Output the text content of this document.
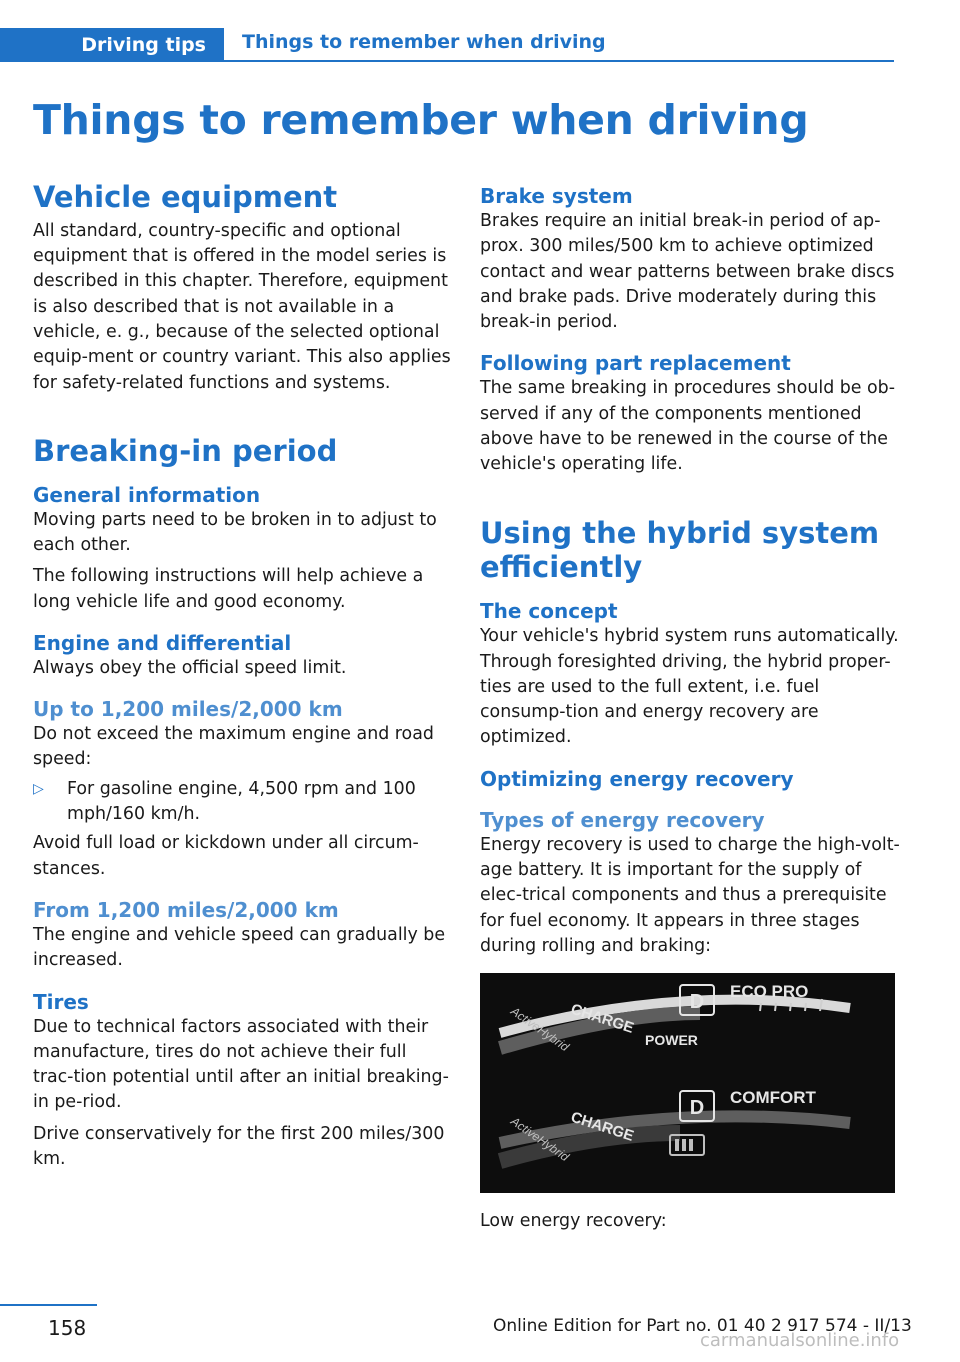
Driving tips Things to remember when driving
Things to remember when driving
Vehicle equipment

All standard, country-specific and optional equipment that is offered in the model series is described in this chapter. Therefore, equipment is also described that is not available in a vehicle, e. g., because of the selected optional equip-ment or country variant. This also applies for safety-related functions and systems.

Breaking-in period
General information

Moving parts need to be broken in to adjust to each other.

The following instructions will help achieve a long vehicle life and good economy.

Engine and differential

Always obey the official speed limit.

Up to 1,200 miles/2,000 km

Do not exceed the maximum engine and road speed:

▷	For gasoline engine, 4,500 rpm and 100 mph/160 km/h.

Avoid full load or kickdown under all circum-stances.

From 1,200 miles/2,000 km

The engine and vehicle speed can gradually be increased.

Tires

Due to technical factors associated with their manufacture, tires do not achieve their full trac-tion potential until after an initial breaking-in pe-riod.

Drive conservatively for the first 200 miles/300 km.

Brake system

Brakes require an initial break-in period of ap-prox. 300 miles/500 km to achieve optimized contact and wear patterns between brake discs and brake pads. Drive moderately during this break-in period.

Following part replacement

The same breaking in procedures should be ob-served if any of the components mentioned above have to be renewed in the course of the vehicle's operating life.

Using the hybrid system efficiently
The concept

Your vehicle's hybrid system runs automatically. Through foresighted driving, the hybrid proper-ties are used to the full extent, i.e. fuel consump-tion and energy recovery are optimized.

Optimizing energy recovery
Types of energy recovery

Energy recovery is used to charge the high-volt-age battery. It is important for the supply of elec-trical components and thus a prerequisite for fuel economy. It appears in three stages during rolling and braking:

D ECO PRO
POWER
CHARGE
ActiveHybrid
D COMFORT
CHARGE
ActiveHybrid

Low energy recovery:

158	Online Edition for Part no. 01 40 2 917 574 - II/13
carmanualsonline.info
